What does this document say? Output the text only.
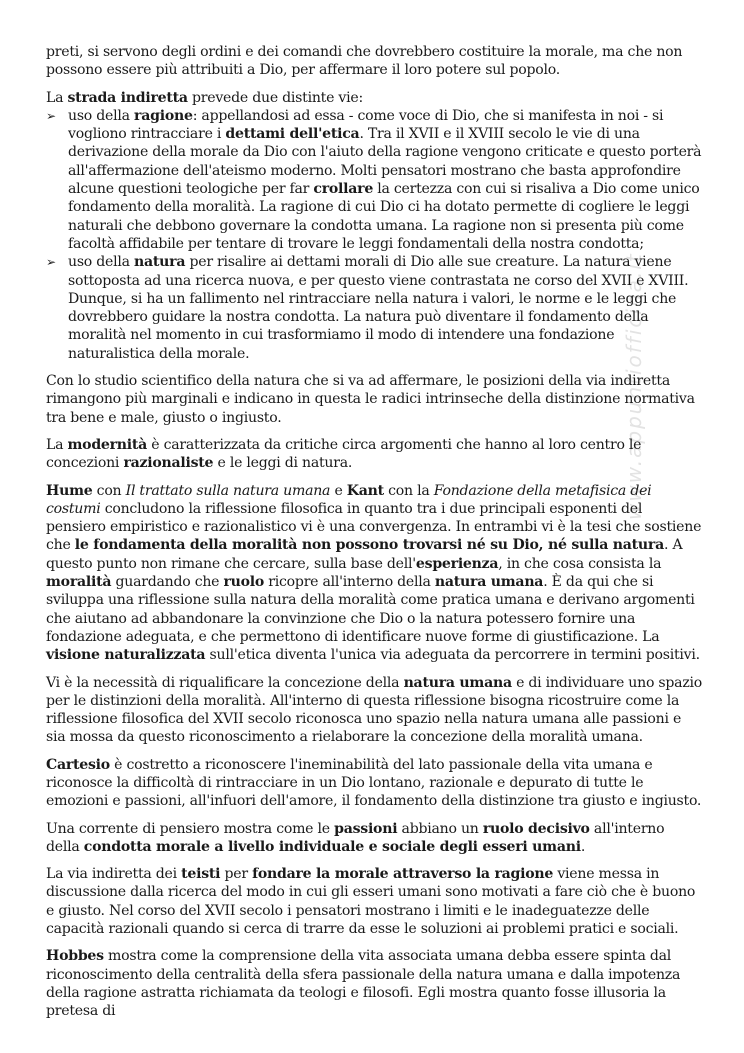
www.appuntiofficina.it

preti, si servono degli ordini e dei comandi che dovrebbero costituire la morale, ma che non possono essere più attribuiti a Dio, per affermare il loro potere sul popolo.

La strada indiretta prevede due distinte vie:

➢ uso della ragione: appellandosi ad essa - come voce di Dio, che si manifesta in noi - si vogliono rintracciare i dettami dell'etica. Tra il XVII e il XVIII secolo le vie di una derivazione della morale da Dio con l'aiuto della ragione vengono criticate e questo porterà all'affermazione dell'ateismo moderno. Molti pensatori mostrano che basta approfondire alcune questioni teologiche per far crollare la certezza con cui si risaliva a Dio come unico fondamento della moralità. La ragione di cui Dio ci ha dotato permette di cogliere le leggi naturali che debbono governare la condotta umana. La ragione non si presenta più come facoltà affidabile per tentare di trovare le leggi fondamentali della nostra condotta;
➢ uso della natura per risalire ai dettami morali di Dio alle sue creature. La natura viene sottoposta ad una ricerca nuova, e per questo viene contrastata ne corso del XVII e XVIII. Dunque, si ha un fallimento nel rintracciare nella natura i valori, le norme e le leggi che dovrebbero guidare la nostra condotta. La natura può diventare il fondamento della moralità nel momento in cui trasformiamo il modo di intendere una fondazione naturalistica della morale.

Con lo studio scientifico della natura che si va ad affermare, le posizioni della via indiretta rimangono più marginali e indicano in questa le radici intrinseche della distinzione normativa tra bene e male, giusto o ingiusto.

La modernità è caratterizzata da critiche circa argomenti che hanno al loro centro le concezioni razionaliste e le leggi di natura.

Hume con Il trattato sulla natura umana e Kant con la Fondazione della metafisica dei costumi concludono la riflessione filosofica in quanto tra i due principali esponenti del pensiero empiristico e razionalistico vi è una convergenza. In entrambi vi è la tesi che sostiene che le fondamenta della moralità non possono trovarsi né su Dio, né sulla natura. A questo punto non rimane che cercare, sulla base dell'esperienza, in che cosa consista la moralità guardando che ruolo ricopre all'interno della natura umana. È da qui che si sviluppa una riflessione sulla natura della moralità come pratica umana e derivano argomenti che aiutano ad abbandonare la convinzione che Dio o la natura potessero fornire una fondazione adeguata, e che permettono di identificare nuove forme di giustificazione. La visione naturalizzata sull'etica diventa l'unica via adeguata da percorrere in termini positivi.

Vi è la necessità di riqualificare la concezione della natura umana e di individuare uno spazio per le distinzioni della moralità. All'interno di questa riflessione bisogna ricostruire come la riflessione filosofica del XVII secolo riconosca uno spazio nella natura umana alle passioni e sia mossa da questo riconoscimento a rielaborare la concezione della moralità umana.

Cartesio è costretto a riconoscere l'ineminabilità del lato passionale della vita umana e riconosce la difficoltà di rintracciare in un Dio lontano, razionale e depurato di tutte le emozioni e passioni, all'infuori dell'amore, il fondamento della distinzione tra giusto e ingiusto.

Una corrente di pensiero mostra come le passioni abbiano un ruolo decisivo all'interno della condotta morale a livello individuale e sociale degli esseri umani.

La via indiretta dei teisti per fondare la morale attraverso la ragione viene messa in discussione dalla ricerca del modo in cui gli esseri umani sono motivati a fare ciò che è buono e giusto. Nel corso del XVII secolo i pensatori mostrano i limiti e le inadeguatezze delle capacità razionali quando si cerca di trarre da esse le soluzioni ai problemi pratici e sociali.

Hobbes mostra come la comprensione della vita associata umana debba essere spinta dal riconoscimento della centralità della sfera passionale della natura umana e dalla impotenza della ragione astratta richiamata da teologi e filosofi. Egli mostra quanto fosse illusoria la pretesa di
